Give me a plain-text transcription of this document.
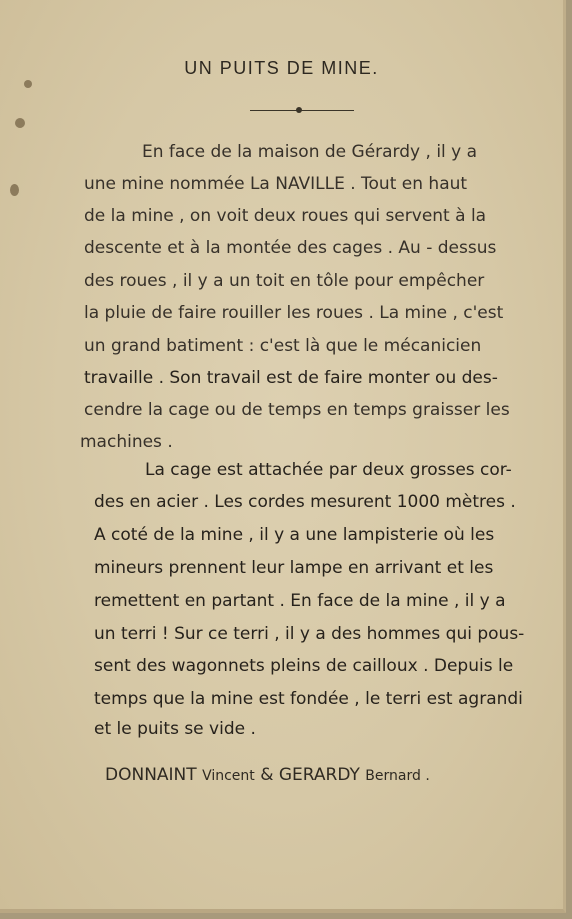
UN PUITS DE MINE.
En face de la maison de Gérardy , il y a
une mine nommée La NAVILLE . Tout en haut
de la mine , on voit deux roues qui servent à la
descente et à la montée des cages . Au - dessus
des roues , il y a un toit en tôle pour empêcher
la pluie de faire rouiller les roues . La mine , c'est
un grand batiment : c'est là que le mécanicien
travaille . Son travail est de faire monter ou des-
cendre la cage ou de temps en temps graisser les
machines .
La cage est attachée par deux grosses cor-
des en acier . Les cordes mesurent 1000 mètres .
A coté de la mine , il y a une lampisterie où les
mineurs prennent leur lampe en arrivant et les
remettent en partant . En face de la mine , il y a
un terri ! Sur ce terri , il y a des hommes qui pous-
sent des wagonnets pleins de cailloux . Depuis le
temps que la mine est fondée , le terri est agrandi
et le puits se vide .
DONNAINT Vincent & GERARDY Bernard .
